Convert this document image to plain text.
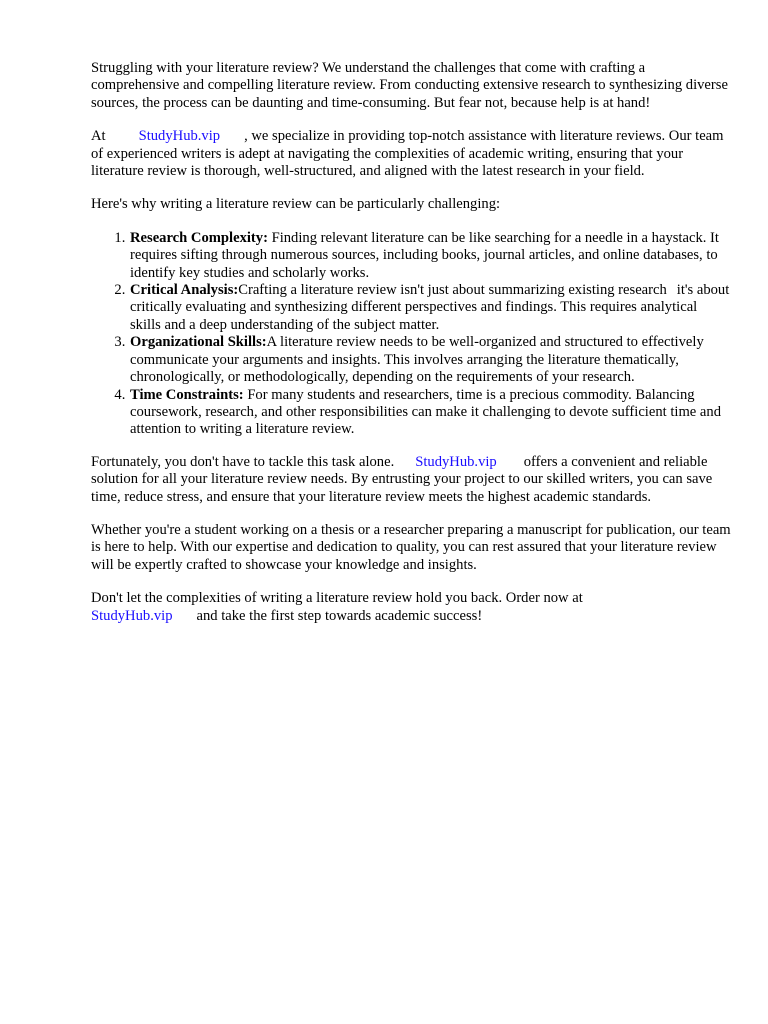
Struggling with your literature review? We understand the challenges that come with crafting a comprehensive and compelling literature review. From conducting extensive research to synthesizing diverse sources, the process can be daunting and time-consuming. But fear not, because help is at hand!

At StudyHub.vip , we specialize in providing top-notch assistance with literature reviews. Our team of experienced writers is adept at navigating the complexities of academic writing, ensuring that your literature review is thorough, well-structured, and aligned with the latest research in your field.

Here's why writing a literature review can be particularly challenging:

1. Research Complexity: Finding relevant literature can be like searching for a needle in a haystack. It requires sifting through numerous sources, including books, journal articles, and online databases, to identify key studies and scholarly works.
2. Critical Analysis:Crafting a literature review isn't just about summarizing existing research it's about critically evaluating and synthesizing different perspectives and findings. This requires analytical skills and a deep understanding of the subject matter.
3. Organizational Skills:A literature review needs to be well-organized and structured to effectively communicate your arguments and insights. This involves arranging the literature thematically, chronologically, or methodologically, depending on the requirements of your research.
4. Time Constraints: For many students and researchers, time is a precious commodity. Balancing coursework, research, and other responsibilities can make it challenging to devote sufficient time and attention to writing a literature review.

Fortunately, you don't have to tackle this task alone. StudyHub.vip offers a convenient and reliable solution for all your literature review needs. By entrusting your project to our skilled writers, you can save time, reduce stress, and ensure that your literature review meets the highest academic standards.

Whether you're a student working on a thesis or a researcher preparing a manuscript for publication, our team is here to help. With our expertise and dedication to quality, you can rest assured that your literature review will be expertly crafted to showcase your knowledge and insights.

Don't let the complexities of writing a literature review hold you back. Order now at
StudyHub.vip and take the first step towards academic success!
